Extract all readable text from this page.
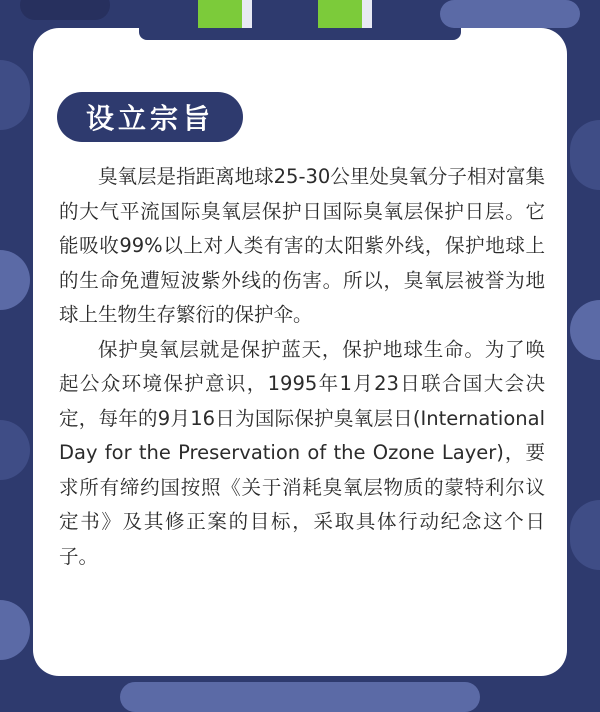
设立宗旨

臭氧层是指距离地球25-30公里处臭氧分子相对富集的大气平流国际臭氧层保护日国际臭氧层保护日层。它能吸收99%以上对人类有害的太阳紫外线，保护地球上的生命免遭短波紫外线的伤害。所以，臭氧层被誉为地球上生物生存繁衍的保护伞。

保护臭氧层就是保护蓝天，保护地球生命。为了唤起公众环境保护意识，1995年1月23日联合国大会决定，每年的9月16日为国际保护臭氧层日(International Day for the Preservation of the Ozone Layer)，要求所有缔约国按照《关于消耗臭氧层物质的蒙特利尔议定书》及其修正案的目标，采取具体行动纪念这个日子。
